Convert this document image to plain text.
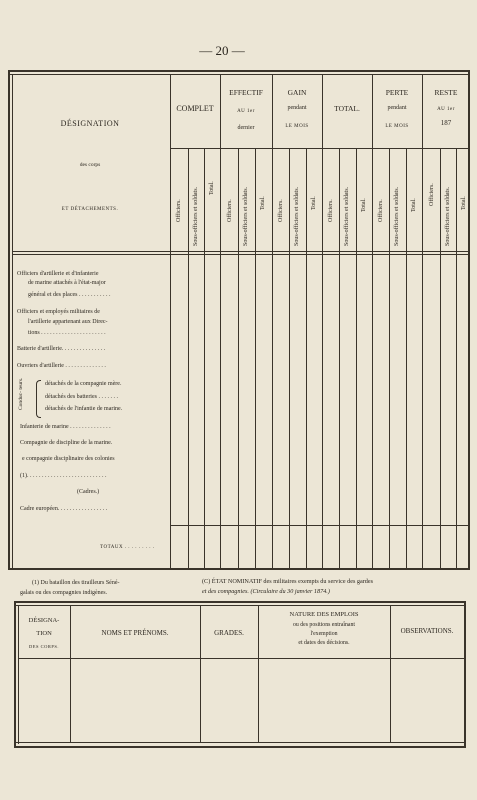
— 20 —
DÉSIGNATION
des corps
ET DÉTACHEMENTS.
COMPLET
EFFECTIF
AU 1er
dernier
GAIN
pendant
LE MOIS
TOTAL.
PERTE
pendant
LE MOIS
RESTE
AU 1er
187
Officiers. Sous-officiers et soldats. Total.
Officiers. Sous-officiers et soldats. Total. Officiers. Sous-officiers et soldats. Total. Officiers. Sous-officiers et soldats. Total. Officiers. Sous-officiers et soldats. Total. Officiers. Sous-officiers et soldats. Total.
Officiers d'artillerie et d'infanterie
de marine attachés à l'état-major
général et des places . . . . . . . . . . .
Officiers et employés militaires de
l'artillerie appartenant aux Direc-
tions . . . . . . . . . . . . . . . . . . . . . .
Batterie d'artillerie. . . . . . . . . . . . . . .
Ouvriers d'artillerie . . . . . . . . . . . . . .
Conduc- teurs.	détachés de la compagnie mère.
détachés des batteries . . . . . . .
détachés de l'infantie de marine.
Infanterie de marine . . . . . . . . . . . . . .
Compagnie de discipline de la marine.
e compagnie disciplinaire des colonies
(1). . . . . . . . . . . . . . . . . . . . . . . . . . .
(Cadres.)
Cadre européen. . . . . . . . . . . . . . . . .
TOTAUX . . . . . . . . .
(1) Du bataillon des tirailleurs Séné-
galais ou des compagnies indigènes.
(C) ÉTAT NOMINATIF des militaires exempts du service des gardes
et des compagnies. (Circulaire du 30 janvier 1874.)
DÉSIGNA-
TION
DES CORPS.
NOMS ET PRÉNOMS.	GRADES.
NATURE DES EMPLOIS
ou des positions entraînant
l'exemption
et dates des décisions.
OBSERVATIONS.
